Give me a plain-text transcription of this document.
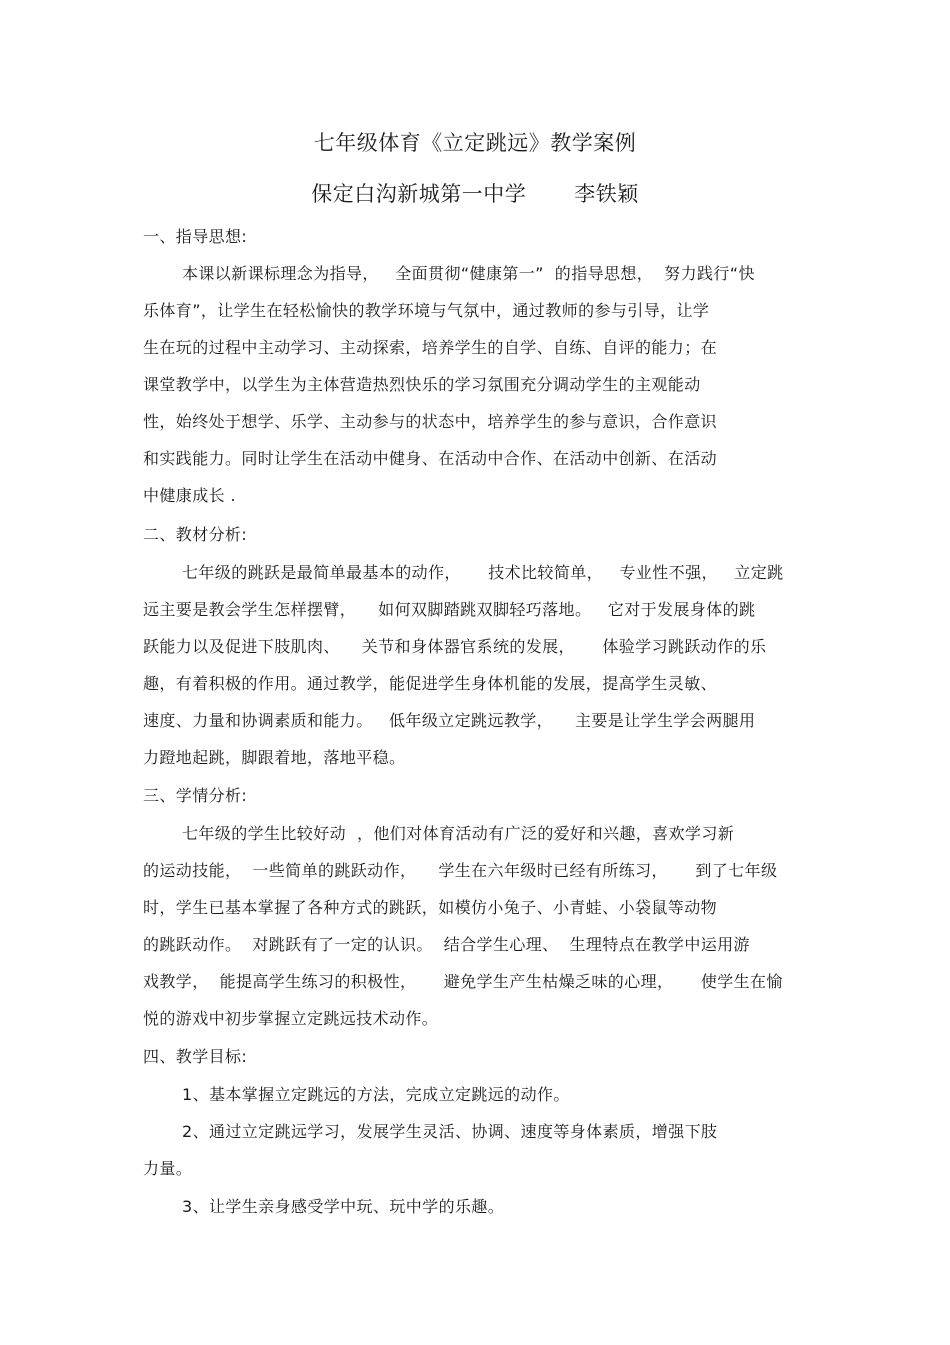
七年级体育《立定跳远》教学案例
保定白沟新城第一中学 李铁颖
一、指导思想:
本课以新课标理念为指导，   全面贯彻“健康第一”  的指导思想，  努力践行“快
乐体育”，让学生在轻松愉快的教学环境与气氛中，通过教师的参与引导，让学
生在玩的过程中主动学习、主动探索，培养学生的自学、自练、自评的能力；在
课堂教学中，以学生为主体营造热烈快乐的学习氛围充分调动学生的主观能动
性，始终处于想学、乐学、主动参与的状态中，培养学生的参与意识，合作意识
和实践能力。同时让学生在活动中健身、在活动中合作、在活动中创新、在活动
中健康成长 .
二、教材分析:
七年级的跳跃是最简单最基本的动作，     技术比较简单，   专业性不强，   立定跳
远主要是教会学生怎样摆臂，    如何双脚踏跳双脚轻巧落地。   它对于发展身体的跳
跃能力以及促进下肢肌肉、    关节和身体器官系统的发展，     体验学习跳跃动作的乐
趣，有着积极的作用。通过教学，能促进学生身体机能的发展，提高学生灵敏、
速度、力量和协调素质和能力。   低年级立定跳远教学，    主要是让学生学会两腿用
力蹬地起跳，脚跟着地，落地平稳。
三、学情分析:
七年级的学生比较好动  ，他们对体育活动有广泛的爱好和兴趣，喜欢学习新
的运动技能，  一些简单的跳跃动作，    学生在六年级时已经有所练习，     到了七年级
时，学生已基本掌握了各种方式的跳跃，如模仿小兔子、小青蛙、小袋鼠等动物
的跳跃动作。  对跳跃有了一定的认识。  结合学生心理、  生理特点在教学中运用游
戏教学，  能提高学生练习的积极性，     避免学生产生枯燥乏味的心理，     使学生在愉
悦的游戏中初步掌握立定跳远技术动作。
四、教学目标:
1、基本掌握立定跳远的方法，完成立定跳远的动作。
2、通过立定跳远学习，发展学生灵活、协调、速度等身体素质，增强下肢
力量。
3、让学生亲身感受学中玩、玩中学的乐趣。
